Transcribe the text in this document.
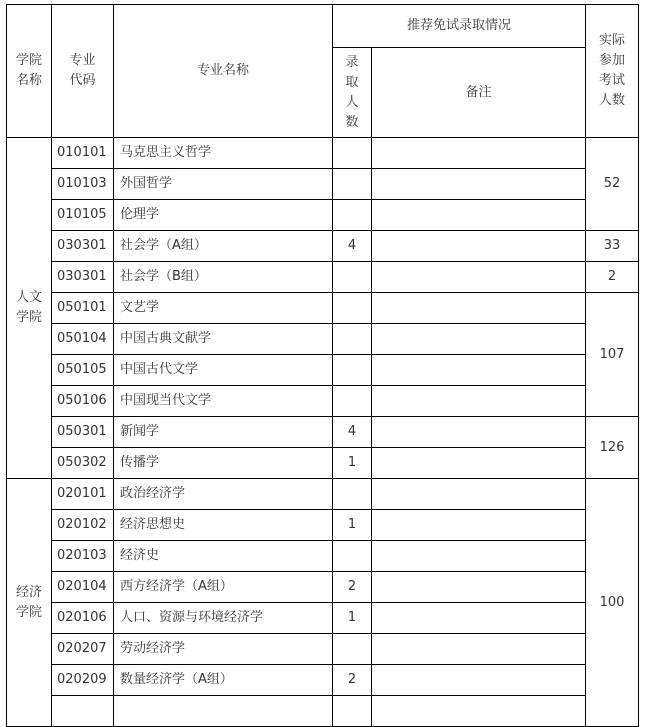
学院名称	专业代码	专业名称	推荐免试录取情况		实际参加考试人数
			录取人数	备注	
人文学院	010101	马克思主义哲学			52
	010103	外国哲学			
	010105	伦理学			
	030301	社会学（A组）	4		33
	030301	社会学（B组）			2
	050101	文艺学			107
	050104	中国古典文献学			
	050105	中国古代文学			
	050106	中国现当代文学			
	050301	新闻学	4		126
	050302	传播学	1		
经济学院	020101	政治经济学			100
	020102	经济思想史	1		
	020103	经济史			
	020104	西方经济学（A组）	2		
	020106	人口、资源与环境经济学	1		
	020207	劳动经济学			
	020209	数量经济学（A组）	2		
